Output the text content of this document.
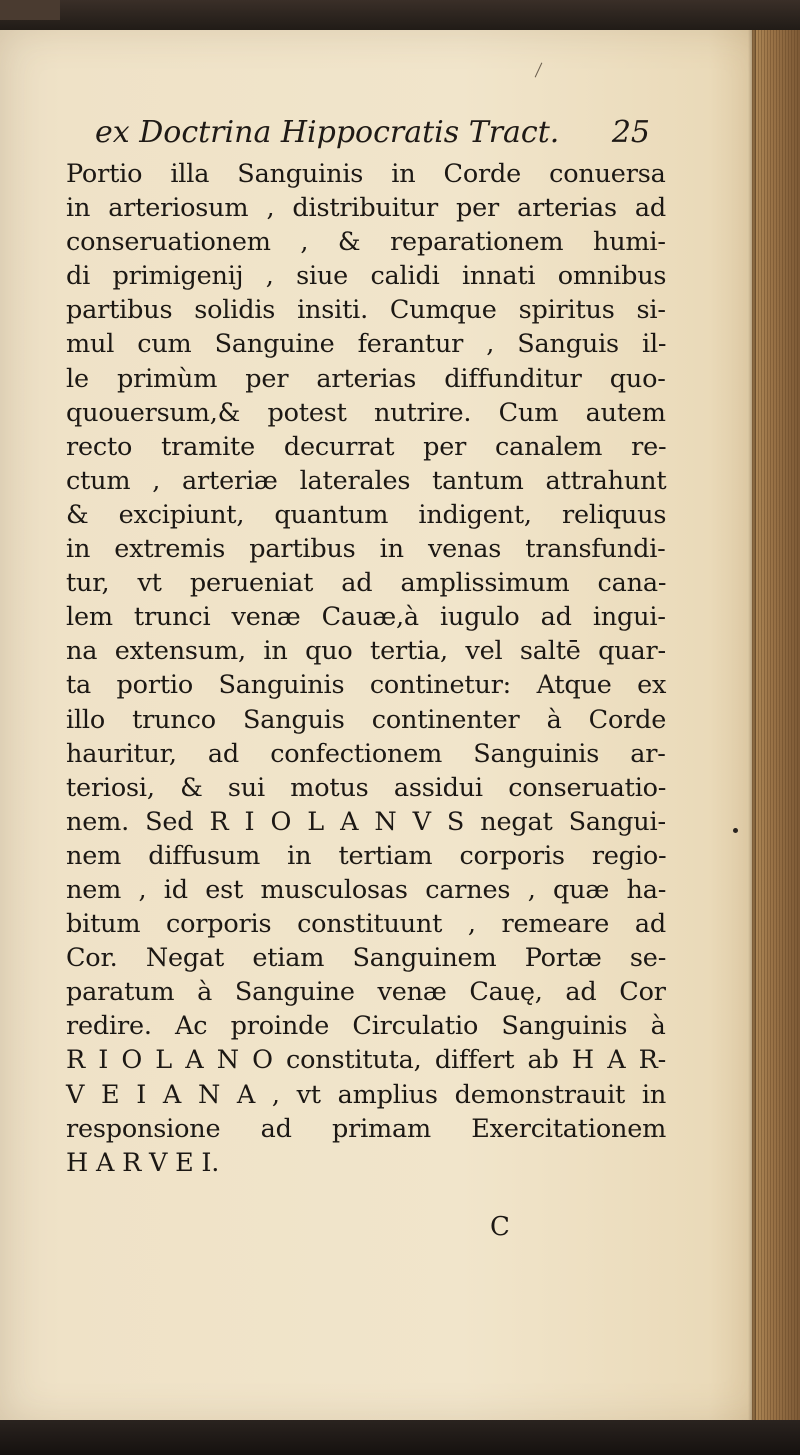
ex Doctrina Hippocratis Tract. 25
Portio illa Sanguinis in Corde conuersa
in arteriosum , distribuitur per arterias ad
conseruationem , & reparationem humi-
di primigenij , siue calidi innati omnibus
partibus solidis insiti. Cumque spiritus si-
mul cum Sanguine ferantur , Sanguis il-
le primùm per arterias diffunditur quo-
quouersum,& potest nutrire. Cum autem
recto tramite decurrat per canalem re-
ctum , arteriæ laterales tantum attrahunt
& excipiunt, quantum indigent, reliquus
in extremis partibus in venas transfundi-
tur, vt perueniat ad amplissimum cana-
lem trunci venæ Cauæ,à iugulo ad ingui-
na extensum, in quo tertia, vel saltē quar-
ta portio Sanguinis continetur: Atque ex
illo trunco Sanguis continenter à Corde
hauritur, ad confectionem Sanguinis ar-
teriosi, & sui motus assidui conseruatio-
nem. Sed R I O L A N V S negat Sangui-
nem diffusum in tertiam corporis regio-
nem , id est musculosas carnes , quæ ha-
bitum corporis constituunt , remeare ad
Cor. Negat etiam Sanguinem Portæ se-
paratum à Sanguine venæ Cauę, ad Cor
redire. Ac proinde Circulatio Sanguinis à
R I O L A N O constituta, differt ab H A R-
V E I A N A , vt amplius demonstrauit in
responsione ad primam Exercitationem
H A R V E I.
C
